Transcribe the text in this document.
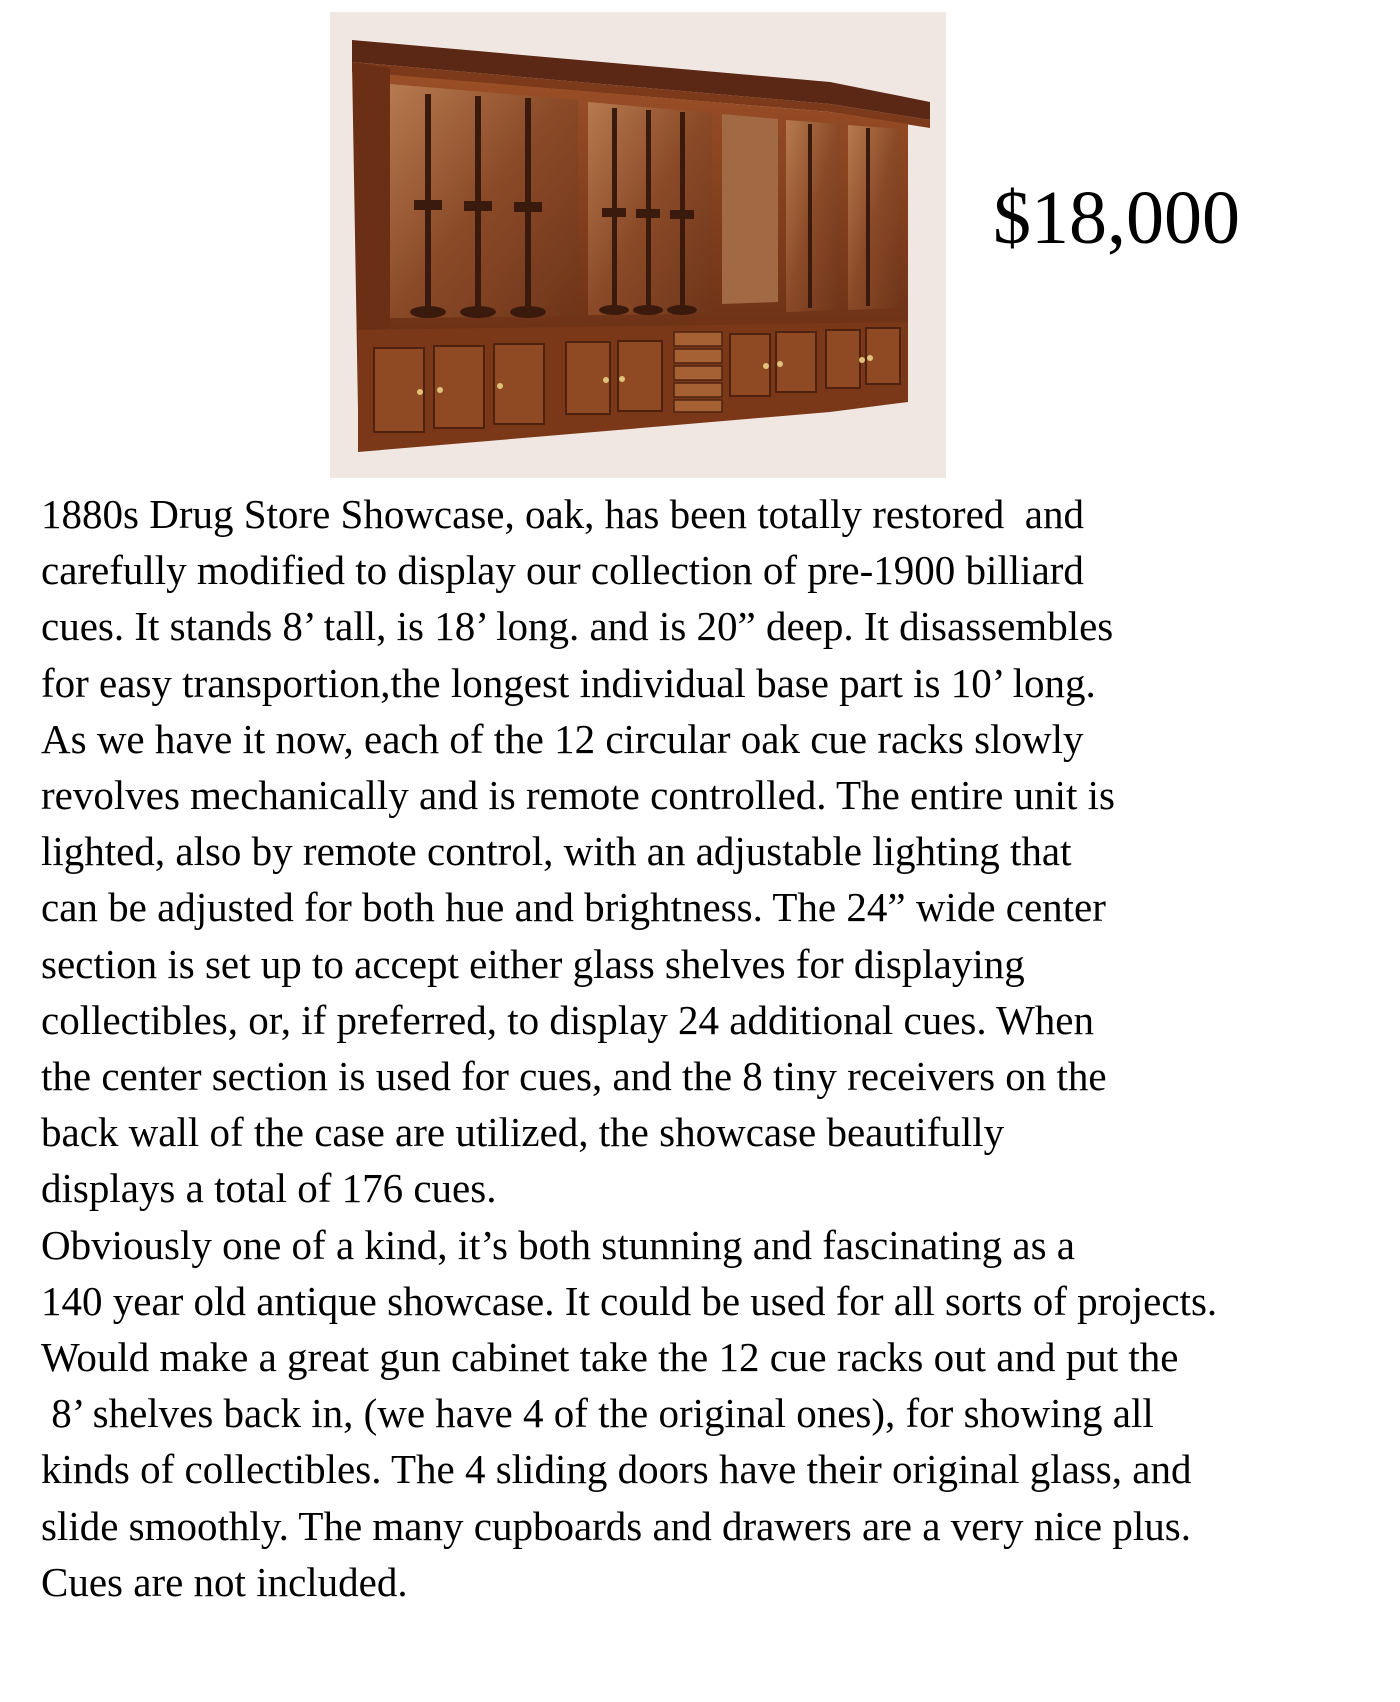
$18,000
1880s Drug Store Showcase, oak, has been totally restored  and
carefully modified to display our collection of pre-1900 billiard
cues. It stands 8’ tall, is 18’ long. and is 20” deep. It disassembles
for easy transportion,the longest individual base part is 10’ long.
As we have it now, each of the 12 circular oak cue racks slowly
revolves mechanically and is remote controlled. The entire unit is
lighted, also by remote control, with an adjustable lighting that
can be adjusted for both hue and brightness. The 24” wide center
section is set up to accept either glass shelves for displaying
collectibles, or, if preferred, to display 24 additional cues. When
the center section is used for cues, and the 8 tiny receivers on the
back wall of the case are utilized, the showcase beautifully
displays a total of 176 cues.
Obviously one of a kind, it’s both stunning and fascinating as a
140 year old antique showcase. It could be used for all sorts of projects.
Would make a great gun cabinet take the 12 cue racks out and put the
8’ shelves back in, (we have 4 of the original ones), for showing all
kinds of collectibles. The 4 sliding doors have their original glass, and
slide smoothly. The many cupboards and drawers are a very nice plus.
Cues are not included.
